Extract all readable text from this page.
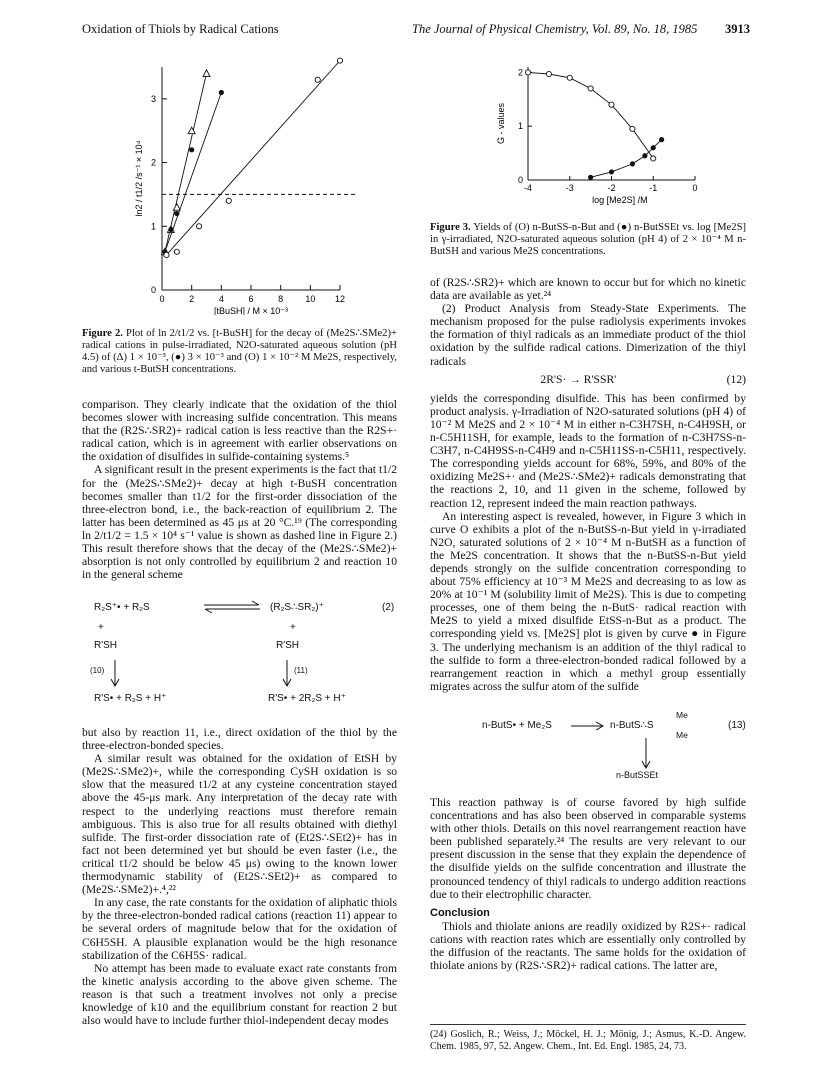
Oxidation of Thiols by Radical Cations	The Journal of Physical Chemistry, Vol. 89, No. 18, 1985 3913
0	2	4	6	8 10 12
0
1
2
3
[tBuSH] / M × 10⁻³
ln2 / t1/2 /s⁻¹ × 10⁴

Figure 2. Plot of ln 2/t1/2 vs. [t-BuSH] for the decay of (Me2S∴SMe2)+ radical cations in pulse-irradiated, N2O-saturated aqueous solution (pH 4.5) of (Δ) 1 × 10⁻³, (●) 3 × 10⁻³ and (O) 1 × 10⁻² M Me2S, respectively, and various t-ButSH concentrations.

-4	-3	-2	-1	0
0
1
2
log [Me2S] /M
G - values

Figure 3. Yields of (O) n-ButSS-n-But and (●) n-ButSSEt vs. log [Me2S] in γ-irradiated, N2O-saturated aqueous solution (pH 4) of 2 × 10⁻⁴ M n-ButSH and various Me2S concentrations.

comparison. They clearly indicate that the oxidation of the thiol becomes slower with increasing sulfide concentration. This means that the (R2S∴SR2)+ radical cation is less reactive than the R2S+· radical cation, which is in agreement with earlier observations on the oxidation of disulfides in sulfide-containing systems.⁵

A significant result in the present experiments is the fact that t1/2 for the (Me2S∴SMe2)+ decay at high t-BuSH concentration becomes smaller than t1/2 for the first-order dissociation of the three-electron bond, i.e., the back-reaction of equilibrium 2. The latter has been determined as 45 μs at 20 °C.¹⁹ (The corresponding ln 2/t1/2 = 1.5 × 10⁴ s⁻¹ value is shown as dashed line in Figure 2.) This result therefore shows that the decay of the (Me2S∴SMe2)+ absorption is not only controlled by equilibrium 2 and reaction 10 in the general scheme

R₂S⁺• + R₂S	(R₂S∴SR₂)⁺	(2)
+	+
R'SH	R'SH
(10)	(11)
R'S• + R₂S + H⁺	R'S• + 2R₂S + H⁺

but also by reaction 11, i.e., direct oxidation of the thiol by the three-electron-bonded species.

A similar result was obtained for the oxidation of EtSH by (Me2S∴SMe2)+, while the corresponding CySH oxidation is so slow that the measured t1/2 at any cysteine concentration stayed above the 45-μs mark. Any interpretation of the decay rate with respect to the underlying reactions must therefore remain ambiguous. This is also true for all results obtained with diethyl sulfide. The first-order dissociation rate of (Et2S∴SEt2)+ has in fact not been determined yet but should be even faster (i.e., the critical t1/2 should be below 45 μs) owing to the known lower thermodynamic stability of (Et2S∴SEt2)+ as compared to (Me2S∴SMe2)+.⁴,²²

In any case, the rate constants for the oxidation of aliphatic thiols by the three-electron-bonded radical cations (reaction 11) appear to be several orders of magnitude below that for the oxidation of C6H5SH. A plausible explanation would be the high resonance stabilization of the C6H5S· radical.

No attempt has been made to evaluate exact rate constants from the kinetic analysis according to the above given scheme. The reason is that such a treatment involves not only a precise knowledge of k10 and the equilibrium constant for reaction 2 but also would have to include further thiol-independent decay modes

of (R2S∴SR2)+ which are known to occur but for which no kinetic data are available as yet.²⁴

(2) Product Analysis from Steady-State Experiments. The mechanism proposed for the pulse radiolysis experiments invokes the formation of thiyl radicals as an immediate product of the thiol oxidation by the sulfide radical cations. Dimerization of the thiyl radicals

2R'S· → R'SSR'	(12)

yields the corresponding disulfide. This has been confirmed by product analysis. γ-Irradiation of N2O-saturated solutions (pH 4) of 10⁻² M Me2S and 2 × 10⁻⁴ M in either n-C3H7SH, n-C4H9SH, or n-C5H11SH, for example, leads to the formation of n-C3H7SS-n-C3H7, n-C4H9SS-n-C4H9 and n-C5H11SS-n-C5H11, respectively. The corresponding yields account for 68%, 59%, and 80% of the oxidizing Me2S+· and (Me2S∴SMe2)+ radicals demonstrating that the reactions 2, 10, and 11 given in the scheme, followed by reaction 12, represent indeed the main reaction pathways.

An interesting aspect is revealed, however, in Figure 3 which in curve O exhibits a plot of the n-ButSS-n-But yield in γ-irradiated N2O, saturated solutions of 2 × 10⁻⁴ M n-ButSH as a function of the Me2S concentration. It shows that the n-ButSS-n-But yield depends strongly on the sulfide concentration corresponding to about 75% efficiency at 10⁻³ M Me2S and decreasing to as low as 20% at 10⁻¹ M (solubility limit of Me2S). This is due to competing processes, one of them being the n-ButS· radical reaction with Me2S to yield a mixed disulfide EtSS-n-But as a product. The corresponding yield vs. [Me2S] plot is given by curve ● in Figure 3. The underlying mechanism is an addition of the thiyl radical to the sulfide to form a three-electron-bonded radical followed by a rearrangement reaction in which a methyl group essentially migrates across the sulfur atom of the sulfide

n-ButS• + Me₂S	n-ButS∴S
Me
Me
(13)
n-ButSSEt

This reaction pathway is of course favored by high sulfide concentrations and has also been observed in comparable systems with other thiols. Details on this novel rearrangement reaction have been published separately.²⁴ The results are very relevant to our present discussion in the sense that they explain the dependence of the disulfide yields on the sulfide concentration and illustrate the pronounced tendency of thiyl radicals to undergo addition reactions due to their electrophilic character.

Conclusion

Thiols and thiolate anions are readily oxidized by R2S+· radical cations with reaction rates which are essentially only controlled by the diffusion of the reactants. The same holds for the oxidation of thiolate anions by (R2S∴SR2)+ radical cations. The latter are,

(24) Goslich, R.; Weiss, J.; Möckel, H. J.; Mönig, J.; Asmus, K.-D. Angew. Chem. 1985, 97, 52. Angew. Chem., Int. Ed. Engl. 1985, 24, 73.
